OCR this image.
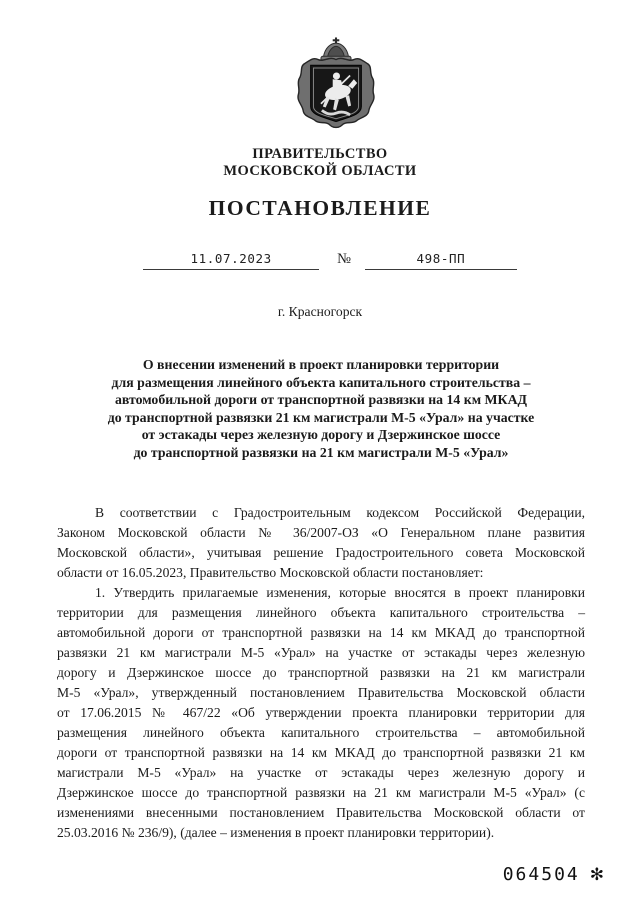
ПРАВИТЕЛЬСТВО
МОСКОВСКОЙ ОБЛАСТИ
ПОСТАНОВЛЕНИЕ
11.07.2023	№	498-ПП
г. Красногорск
О внесении изменений в проект планировки территории
для размещения линейного объекта капитального строительства –
автомобильной дороги от транспортной развязки на 14 км МКАД
до транспортной развязки 21 км магистрали М-5 «Урал» на участке
от эстакады через железную дорогу и Дзержинское шоссе
до транспортной развязки на 21 км магистрали М-5 «Урал»
В соответствии с Градостроительным кодексом Российской Федерации,
Законом Московской области № 36/2007-ОЗ «О Генеральном плане развития
Московской области», учитывая решение Градостроительного совета Московской
области от 16.05.2023, Правительство Московской области постановляет:
1. Утвердить прилагаемые изменения, которые вносятся в проект планировки
территории для размещения линейного объекта капитального строительства –
автомобильной дороги от транспортной развязки на 14 км МКАД до транспортной
развязки 21 км магистрали М-5 «Урал» на участке от эстакады через железную
дорогу и Дзержинское шоссе до транспортной развязки на 21 км магистрали
М-5 «Урал», утвержденный постановлением Правительства Московской области
от 17.06.2015 № 467/22 «Об утверждении проекта планировки территории для
размещения линейного объекта капитального строительства – автомобильной
дороги от транспортной развязки на 14 км МКАД до транспортной развязки 21 км
магистрали М-5 «Урал» на участке от эстакады через железную дорогу и
Дзержинское шоссе до транспортной развязки на 21 км магистрали М-5 «Урал» (с
изменениями внесенными постановлением Правительства Московской области от
25.03.2016 № 236/9), (далее – изменения в проект планировки территории).
064504 ✻
